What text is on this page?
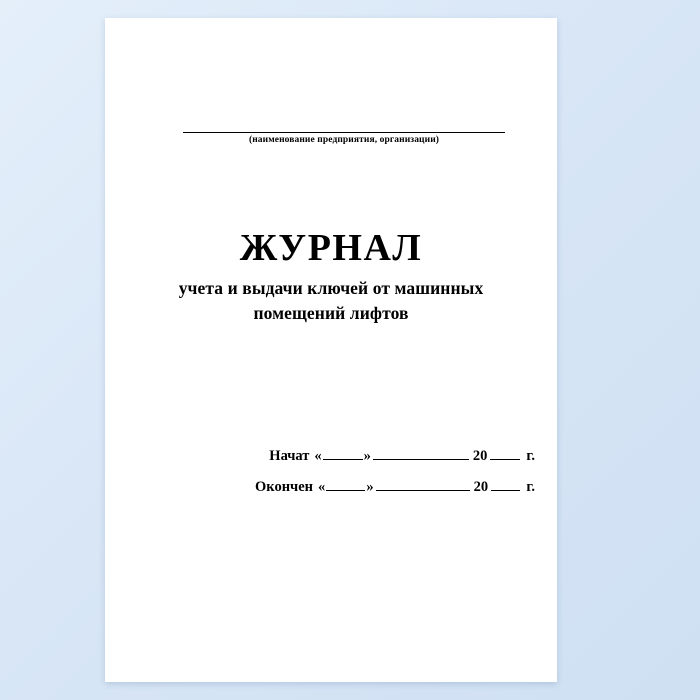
(наименование предприятия, организации)
ЖУРНАЛ
учета и выдачи ключей от машинных
помещений лифтов
Начат «	»	20	г.
Окончен «	»	20	г.
